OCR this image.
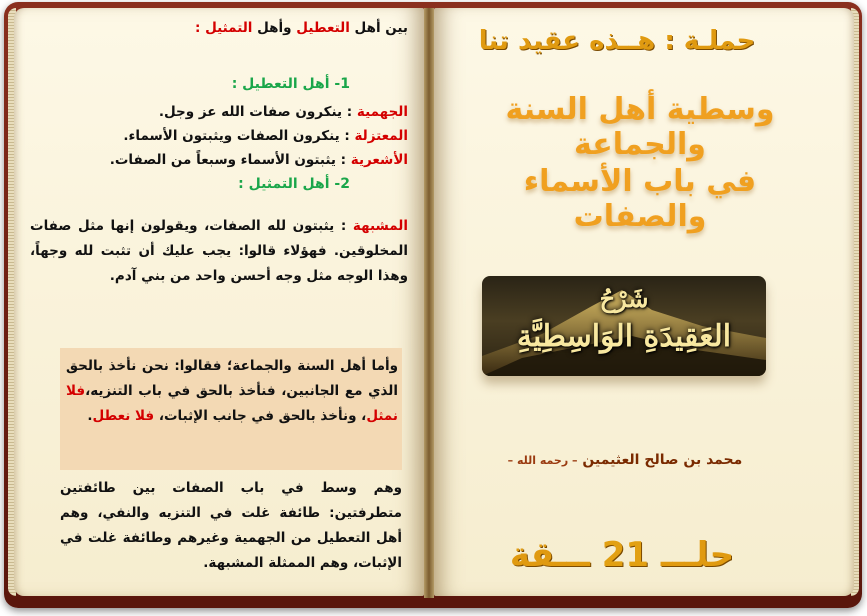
بين أهل التعطيل وأهل التمثيل :
1- أهل التعطيل :
الجهمية : ينكرون صفات الله عز وجل.
المعتزلة : ينكرون الصفات ويثبتون الأسماء.
الأشعرية : يثبتون الأسماء وسبعاً من الصفات.
2- أهل التمثيل :
المشبهة : يثبتون لله الصفات، ويقولون إنها مثل صفات المخلوقين. فهؤلاء قالوا: يجب عليك أن تثبت لله وجهاً، وهذا الوجه مثل وجه أحسن واحد من بني آدم.
وأما أهل السنة والجماعة؛ فقالوا: نحن نأخذ بالحق الذي مع الجانبين، فنأخذ بالحق في باب التنزيه،فلا نمثل، ونأخذ بالحق في جانب الإثبات، فلا نعطل.
وهم وسط في باب الصفات بين طائفتين متطرفتين: طائفة غلت في التنزيه والنفي، وهم أهل التعطيل من الجهمية وغيرهم وطائفة غلت في الإثبات، وهم الممثلة المشبهة.
حملـة : هــذه عقيد تنا
وسطية أهل السنة والجماعة
في باب الأسماء والصفات
شَرْحُ
العَقِيدَةِ الوَاسِطِيَّةِ
محمد بن صالح العثيمين – رحمه الله –
حلـــ 21 ـــقة
